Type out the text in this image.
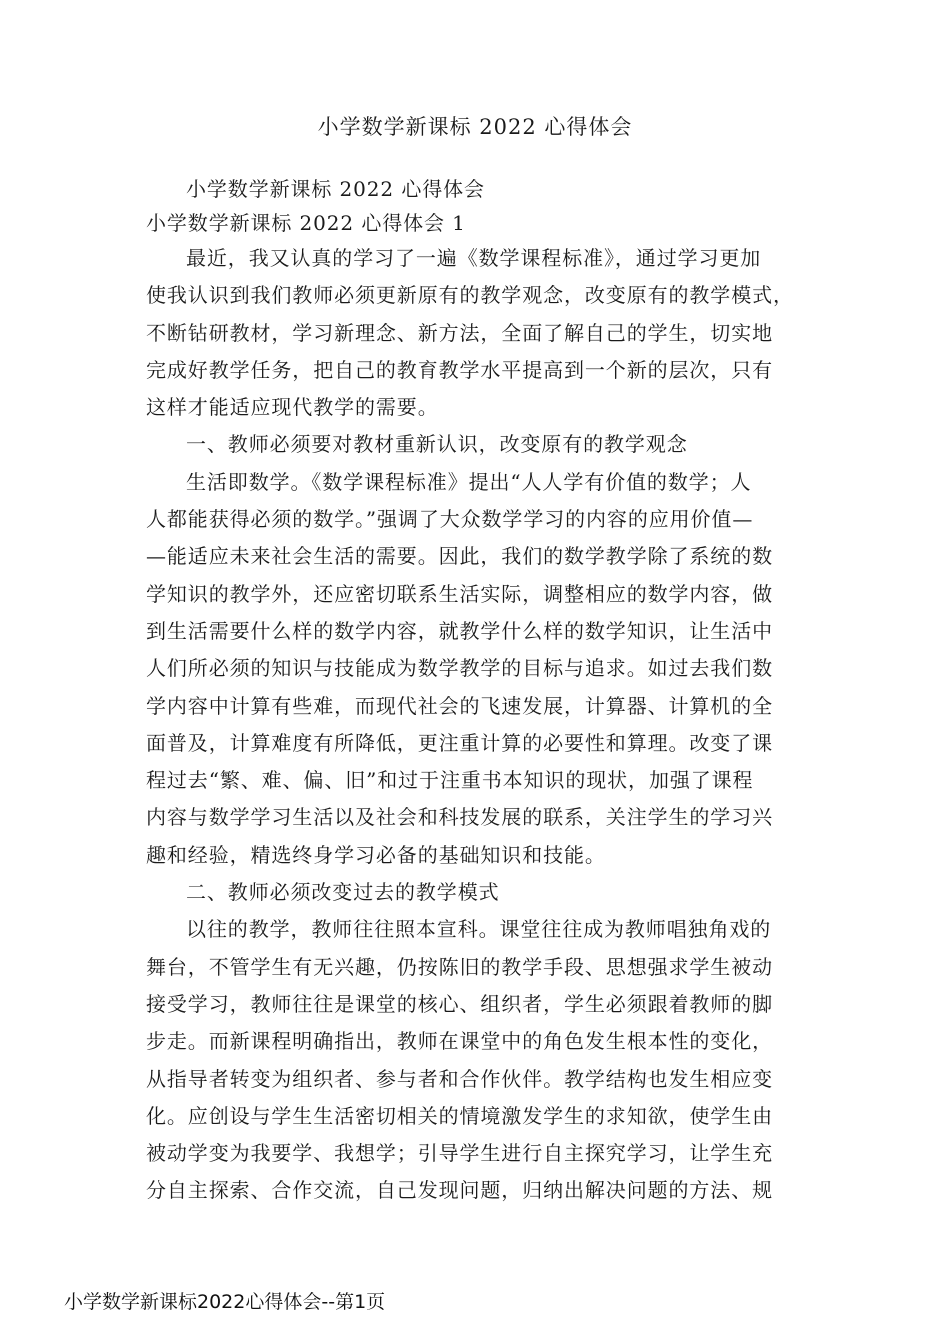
小学数学新课标 2022 心得体会
小学数学新课标 2022 心得体会
小学数学新课标 2022 心得体会 1
最近，我又认真的学习了一遍《数学课程标准》，通过学习更加
使我认识到我们教师必须更新原有的教学观念，改变原有的教学模式，
不断钻研教材，学习新理念、新方法，全面了解自己的学生，切实地
完成好教学任务，把自己的教育教学水平提高到一个新的层次，只有
这样才能适应现代教学的需要。
一、教师必须要对教材重新认识，改变原有的教学观念
生活即数学。《数学课程标准》提出“人人学有价值的数学；人
人都能获得必须的数学。”强调了大众数学学习的内容的应用价值—
—能适应未来社会生活的需要。因此，我们的数学教学除了系统的数
学知识的教学外，还应密切联系生活实际，调整相应的数学内容，做
到生活需要什么样的数学内容，就教学什么样的数学知识，让生活中
人们所必须的知识与技能成为数学教学的目标与追求。如过去我们数
学内容中计算有些难，而现代社会的飞速发展，计算器、计算机的全
面普及，计算难度有所降低，更注重计算的必要性和算理。改变了课
程过去“繁、难、偏、旧”和过于注重书本知识的现状，加强了课程
内容与数学学习生活以及社会和科技发展的联系，关注学生的学习兴
趣和经验，精选终身学习必备的基础知识和技能。
二、教师必须改变过去的教学模式
以往的教学，教师往往照本宣科。课堂往往成为教师唱独角戏的
舞台，不管学生有无兴趣，仍按陈旧的教学手段、思想强求学生被动
接受学习，教师往往是课堂的核心、组织者，学生必须跟着教师的脚
步走。而新课程明确指出，教师在课堂中的角色发生根本性的变化，
从指导者转变为组织者、参与者和合作伙伴。教学结构也发生相应变
化。应创设与学生生活密切相关的情境激发学生的求知欲，使学生由
被动学变为我要学、我想学；引导学生进行自主探究学习，让学生充
分自主探索、合作交流，自己发现问题，归纳出解决问题的方法、规
小学数学新课标2022心得体会--第1页
